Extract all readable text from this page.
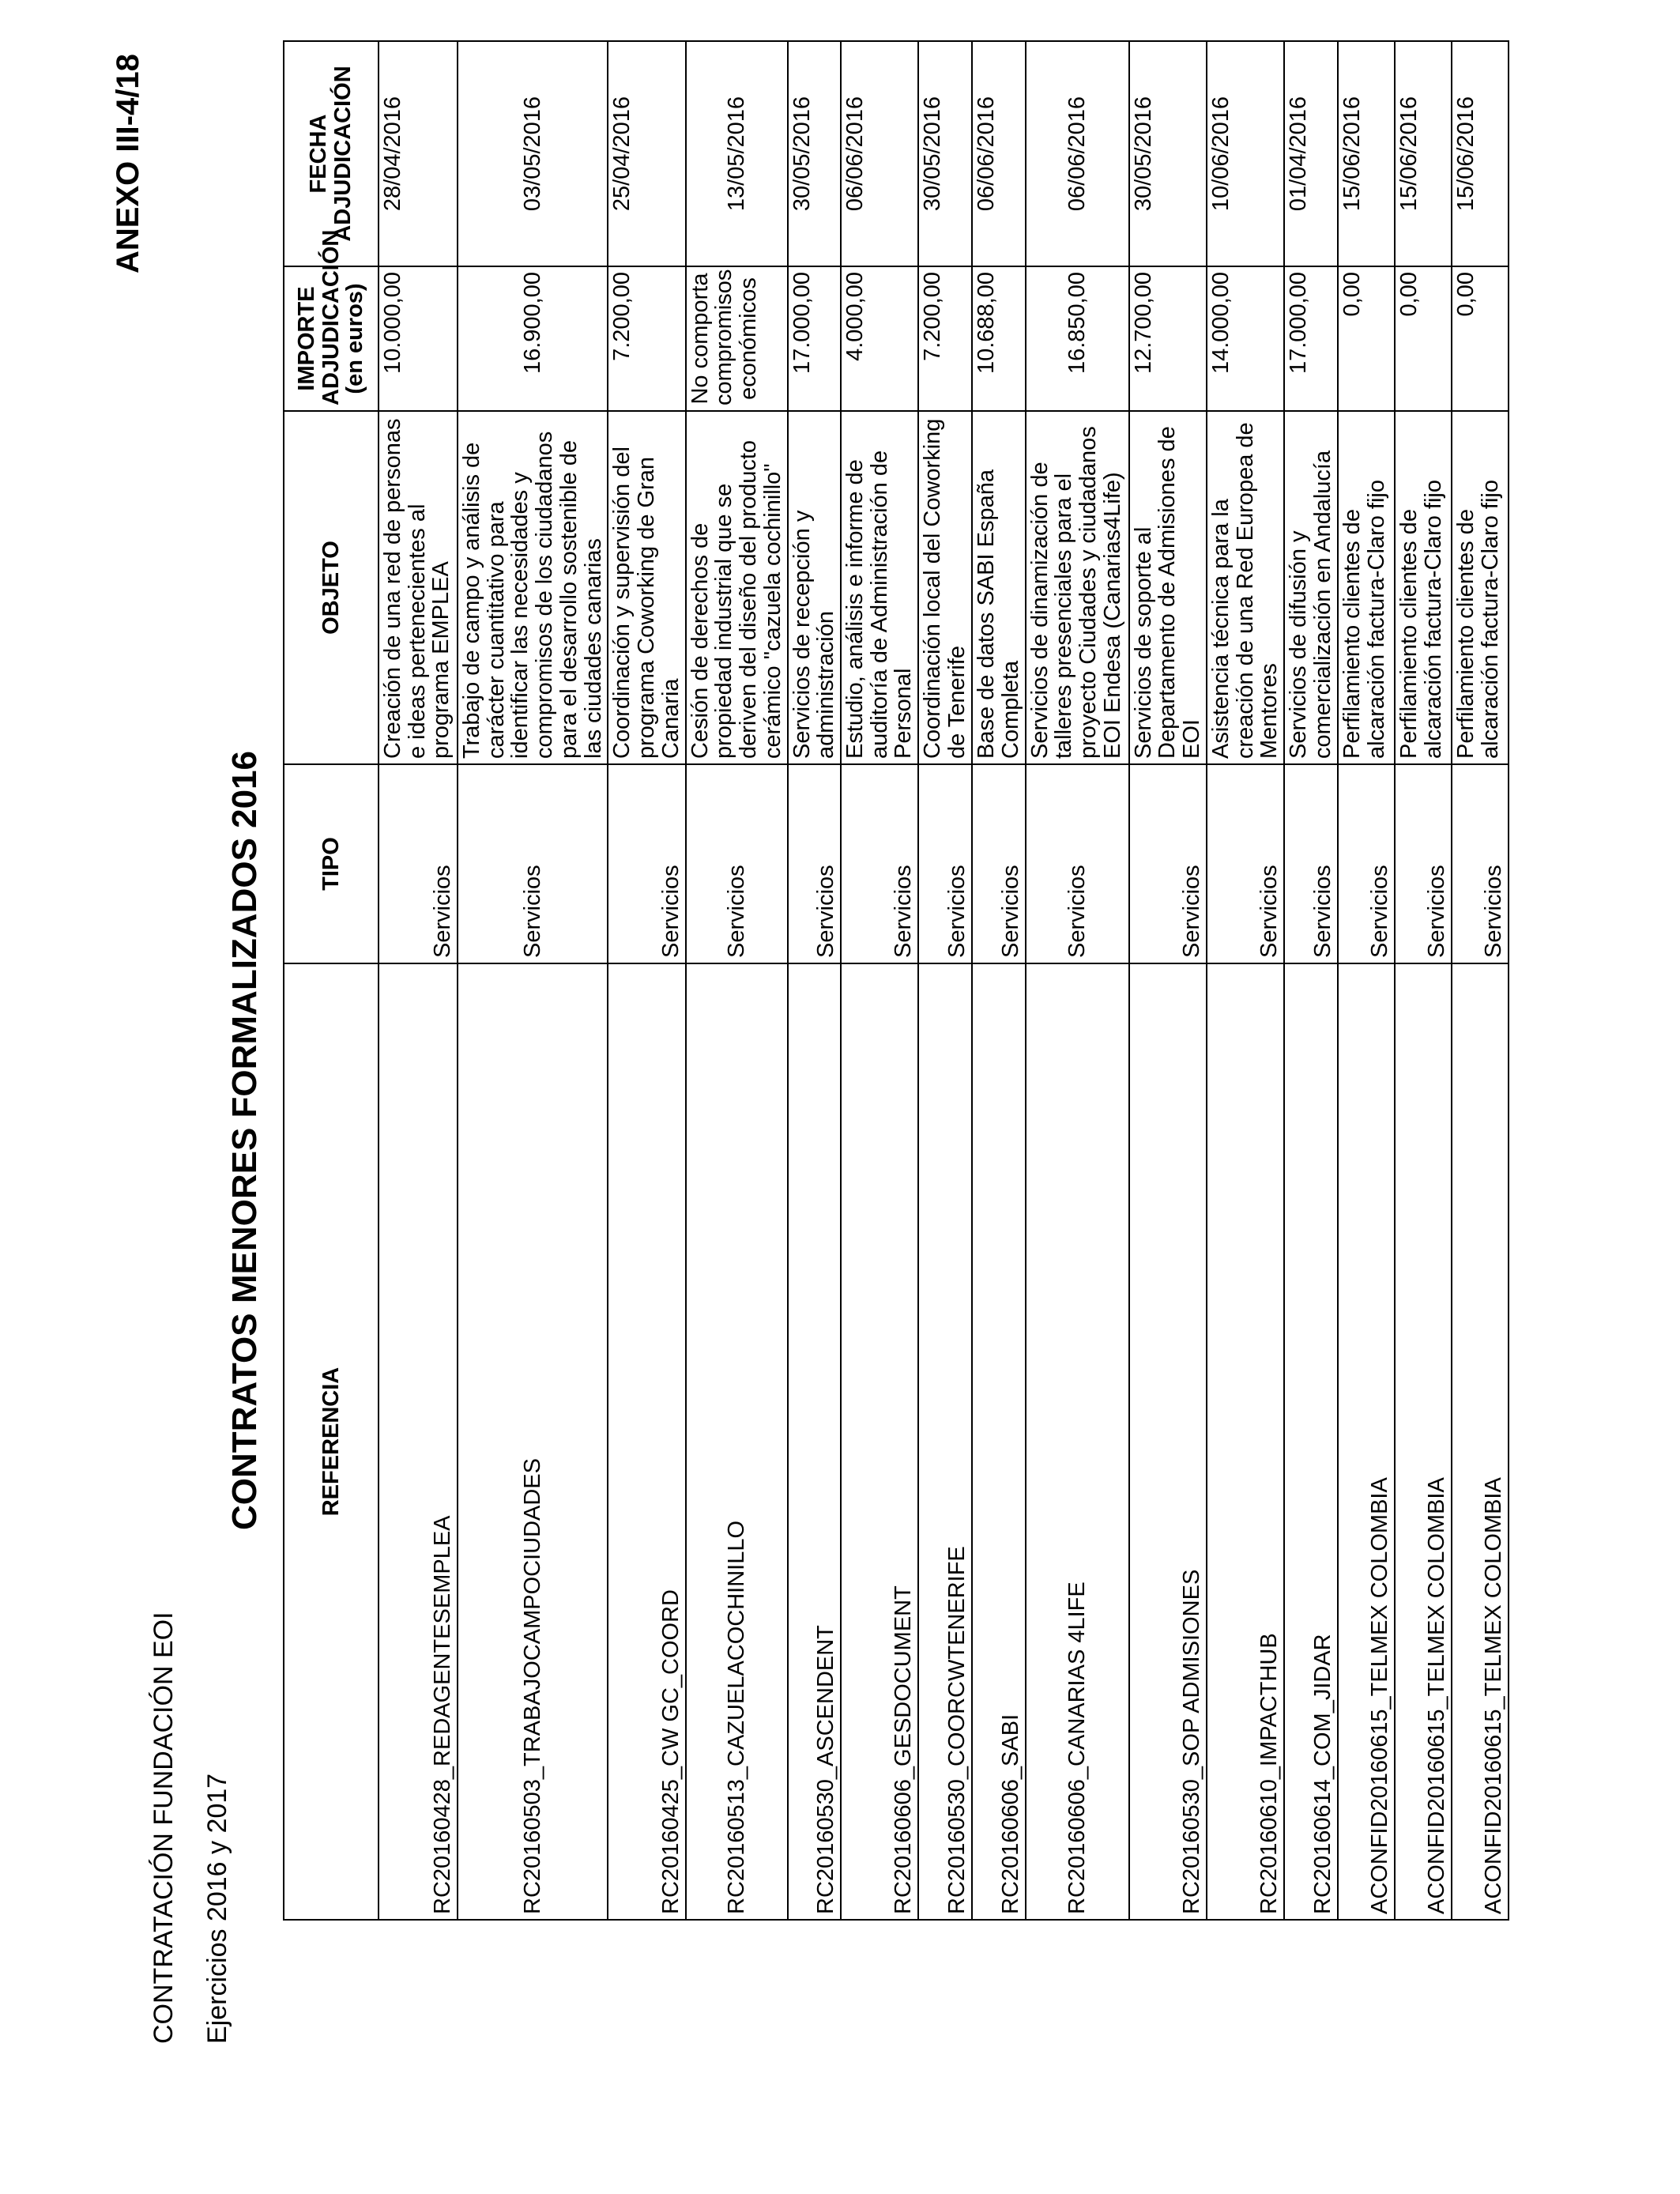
CONTRATACIÓN FUNDACIÓN EOI Ejercicios 2016 y 2017
ANEXO III-4/18
CONTRATOS MENORES FORMALIZADOS 2016 REFERENCIA	TIPO	OBJETO	IMPORTE ADJUDICACIÓN (en euros)	FECHA ADJUDICACIÓN
RC20160428_REDAGENTESEMPLEA	Servicios	Creación de una red de personas e ideas pertenecientes al programa EMPLEA	10.000,00	28/04/2016
RC20160503_TRABAJOCAMPOCIUDADES	Servicios	Trabajo de campo y análisis de carácter cuantitativo para identificar las necesidades y compromisos de los ciudadanos para el desarrollo sostenible de las ciudades canarias	16.900,00	03/05/2016
RC20160425_CW GC_COORD	Servicios	Coordinación y supervisión del programa Coworking de Gran Canaria	7.200,00	25/04/2016
RC20160513_CAZUELACOCHINILLO	Servicios	Cesión de derechos de propiedad industrial que se deriven del diseño del producto cerámico "cazuela cochinillo"	No comporta compromisos económicos	13/05/2016
RC20160530_ASCENDENT	Servicios	Servicios de recepción y administración	17.000,00	30/05/2016
RC20160606_GESDOCUMENT	Servicios	Estudio, análisis e informe de auditoría de Administración de Personal	4.000,00	06/06/2016
RC20160530_COORCWTENERIFE	Servicios	Coordinación local del Coworking de Tenerife	7.200,00	30/05/2016
RC20160606_SABI	Servicios	Base de datos SABI España Completa	10.688,00	06/06/2016
RC20160606_CANARIAS 4LIFE	Servicios	Servicios de dinamización de talleres presenciales para el proyecto Ciudades y ciudadanos EOI Endesa (Canarias4Life)	16.850,00	06/06/2016
RC20160530_SOP ADMISIONES	Servicios	Servicios de soporte al Departamento de Admisiones de EOI	12.700,00	30/05/2016
RC20160610_IMPACTHUB	Servicios	Asistencia técnica para la creación de una Red Europea de Mentores	14.000,00	10/06/2016
RC20160614_COM_JIDAR	Servicios	Servicios de difusión y comercialización en Andalucía	17.000,00	01/04/2016
ACONFID20160615_TELMEX COLOMBIA	Servicios	Perfilamiento clientes de alcaración factura-Claro fijo	0,00	15/06/2016
ACONFID20160615_TELMEX COLOMBIA	Servicios	Perfilamiento clientes de alcaración factura-Claro fijo	0,00	15/06/2016
ACONFID20160615_TELMEX COLOMBIA	Servicios	Perfilamiento clientes de alcaración factura-Claro fijo	0,00	15/06/2016
